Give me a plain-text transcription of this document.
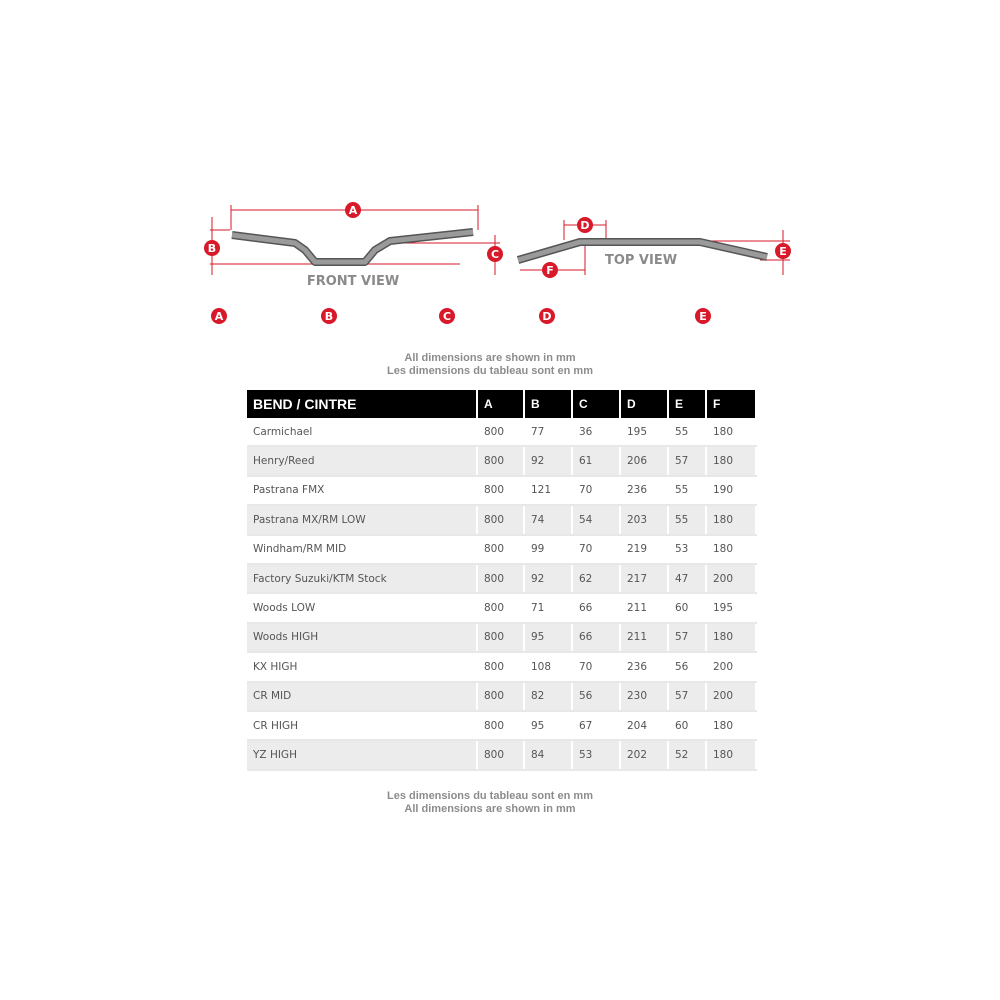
A
B	C
D
E
F
FRONT VIEW
TOP VIEW
A Width	B Height	C Rise	D Clamp Area	E Sweep
All dimensions are shown in mm
Les dimensions du tableau sont en mm
BEND / CINTRE	A	B	C	D	E	F
Carmichael	800	77	36	195	55	180
Henry/Reed	800	92	61	206	57	180
Pastrana FMX	800	121	70	236	55	190
Pastrana MX/RM LOW	800	74	54	203	55	180
Windham/RM MID	800	99	70	219	53	180
Factory Suzuki/KTM Stock	800	92	62	217	47	200
Woods LOW	800	71	66	211	60	195
Woods HIGH	800	95	66	211	57	180
KX HIGH	800	108	70	236	56	200
CR MID	800	82	56	230	57	200
CR HIGH	800	95	67	204	60	180
YZ HIGH	800	84	53	202	52	180
Les dimensions du tableau sont en mm
All dimensions are shown in mm
